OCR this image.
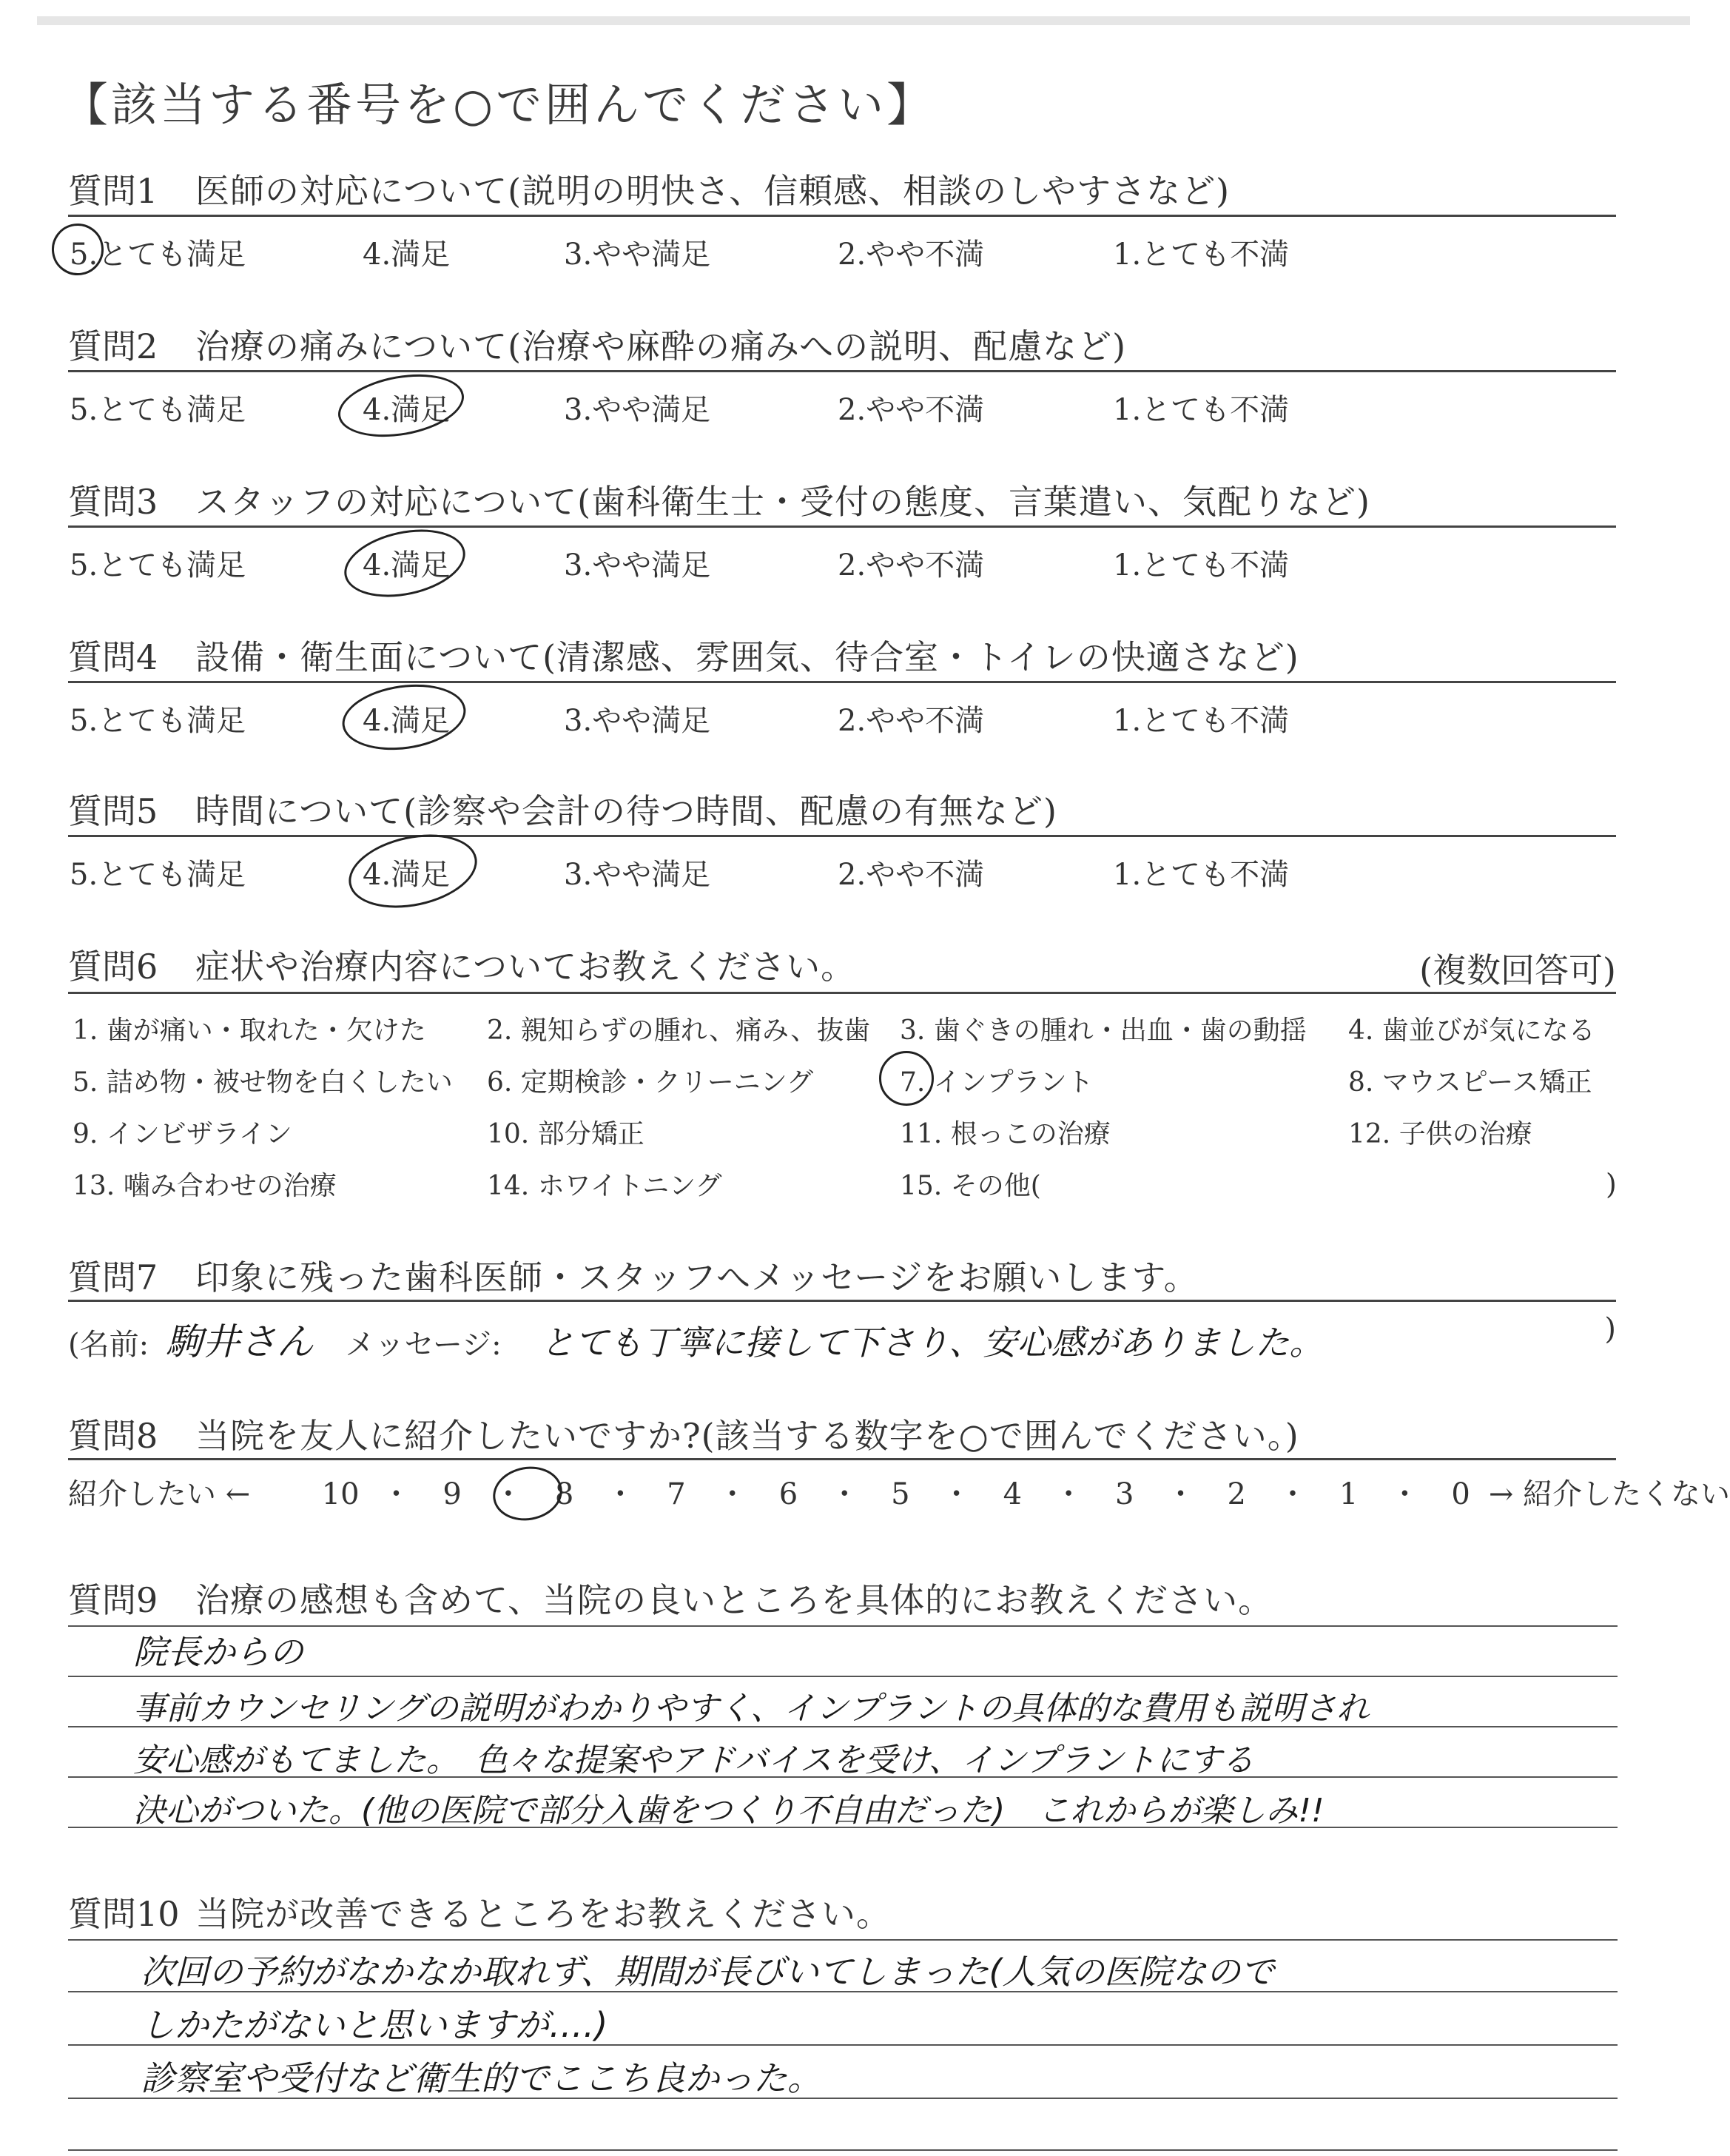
【該当する番号を○で囲んでください】
質問1 医師の対応について(説明の明快さ、信頼感、相談のしやすさなど)
5.とても満足	4.満足	3.やや満足	2.やや不満	1.とても不満
質問2 治療の痛みについて(治療や麻酔の痛みへの説明、配慮など)
5.とても満足	4.満足	3.やや満足	2.やや不満	1.とても不満
質問3 スタッフの対応について(歯科衛生士・受付の態度、言葉遣い、気配りなど)
5.とても満足	4.満足	3.やや満足	2.やや不満	1.とても不満
質問4 設備・衛生面について(清潔感、雰囲気、待合室・トイレの快適さなど)
5.とても満足	4.満足	3.やや満足	2.やや不満	1.とても不満
質問5 時間について(診察や会計の待つ時間、配慮の有無など)
5.とても満足	4.満足	3.やや満足	2.やや不満	1.とても不満
質問6 症状や治療内容についてお教えください。	(複数回答可)
1. 歯が痛い・取れた・欠けた 2. 親知らずの腫れ、痛み、抜歯 3. 歯ぐきの腫れ・出血・歯の動揺 4. 歯並びが気になる
5. 詰め物・被せ物を白くしたい 6. 定期検診・クリーニング	7. インプラント	8. マウスピース矯正
9. インビザライン	10. 部分矯正	11. 根っこの治療	12. 子供の治療
13. 噛み合わせの治療	14. ホワイトニング	15. その他(	)
質問7 印象に残った歯科医師・スタッフへメッセージをお願いします。
(名前: 駒井さん メッセージ: とても丁寧に接して下さり、安心感がありました。	)
質問8 当院を友人に紹介したいですか?(該当する数字を○で囲んでください。)
紹介したい ← 10 ・ 9 ・ 8 ・ 7 ・ 6 ・ 5 ・ 4 ・ 3 ・ 2 ・ 1 ・ 0 → 紹介したくない
質問9 治療の感想も含めて、当院の良いところを具体的にお教えください。
院長からの
事前カウンセリングの説明がわかりやすく、インプラントの具体的な費用も説明され
安心感がもてました。　色々な提案やアドバイスを受け、インプラントにする
決心がついた。(他の医院で部分入歯をつくり不自由だった)　これからが楽しみ!!
質問10 当院が改善できるところをお教えください。
次回の予約がなかなか取れず、期間が長びいてしまった(人気の医院なので
しかたがないと思いますが‥‥)
診察室や受付など衛生的でここち良かった。
